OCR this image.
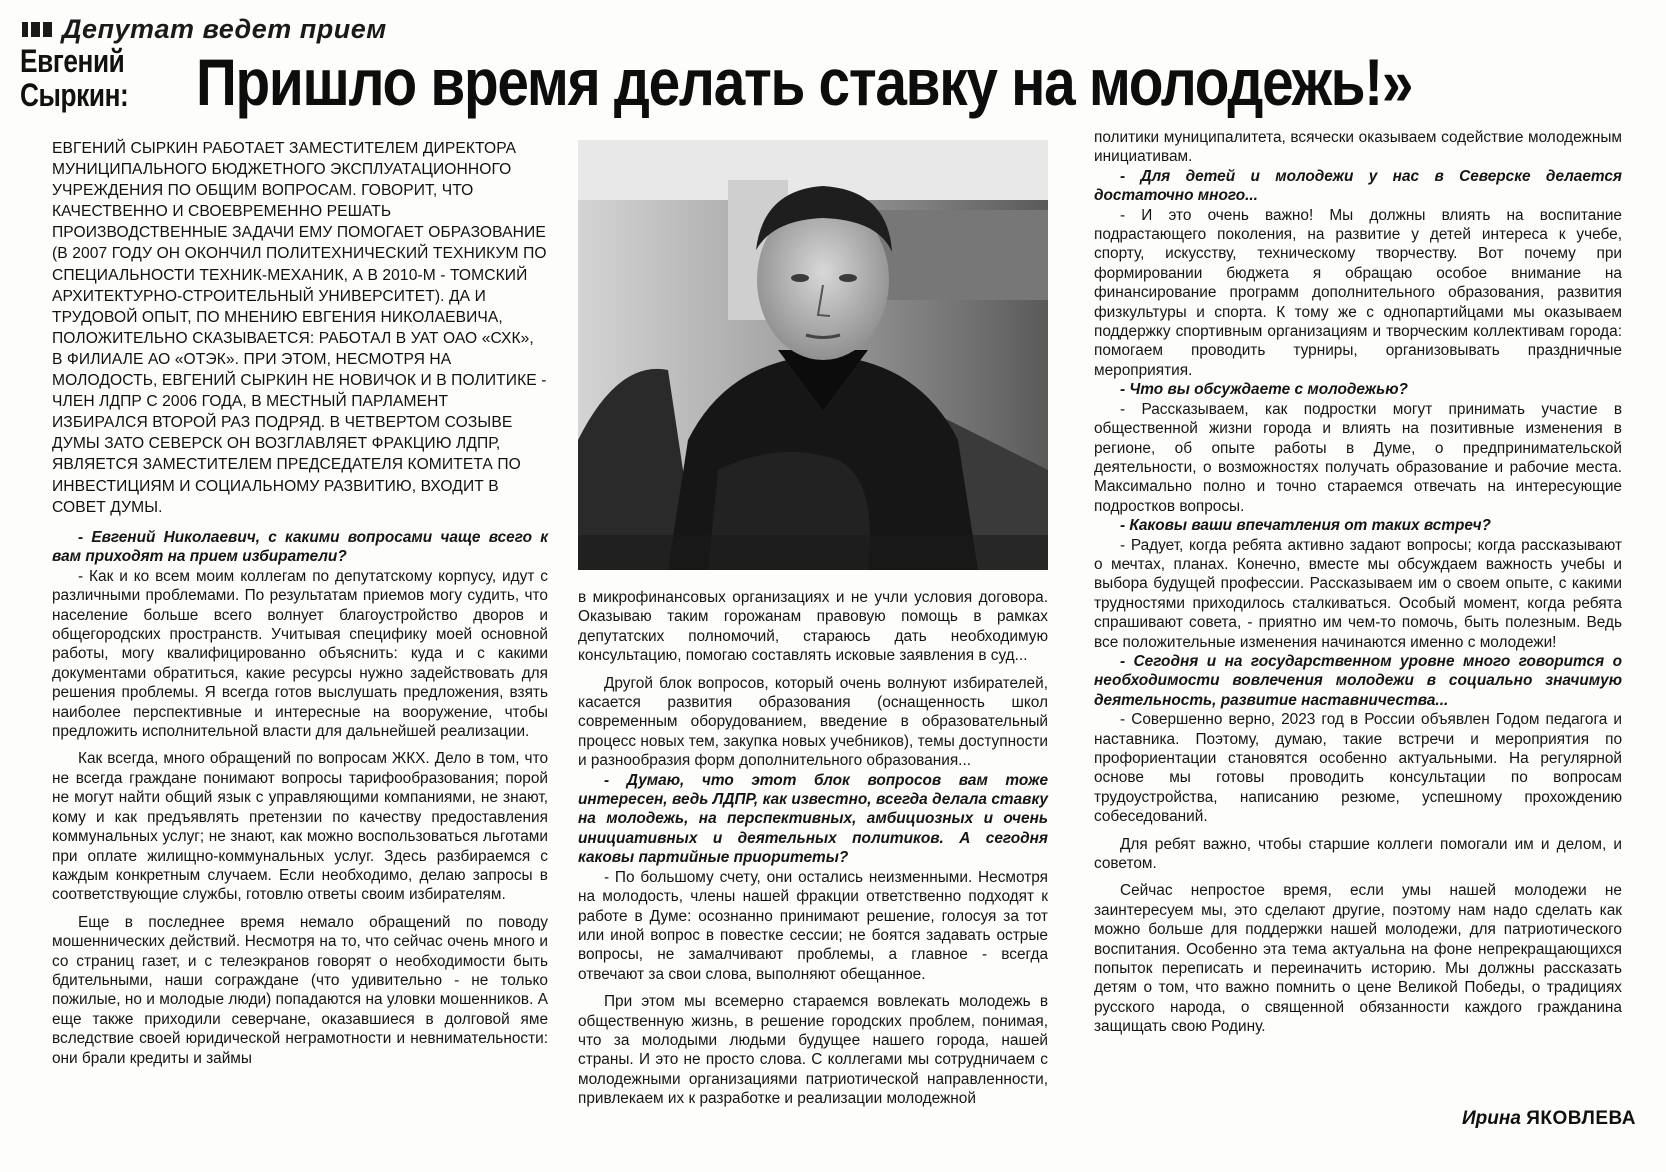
Депутат ведет прием
Евгений
Сыркин:	Пришло время делать ставку на молодежь!»
ЕВГЕНИЙ СЫРКИН РАБОТАЕТ ЗАМЕСТИТЕЛЕМ ДИРЕКТОРА МУНИЦИПАЛЬНОГО БЮДЖЕТНОГО ЭКСПЛУАТАЦИОННОГО УЧРЕЖДЕНИЯ ПО ОБЩИМ ВОПРОСАМ. ГОВОРИТ, ЧТО КАЧЕСТВЕННО И СВОЕВРЕМЕННО РЕШАТЬ ПРОИЗВОДСТВЕННЫЕ ЗАДАЧИ ЕМУ ПОМОГАЕТ ОБРАЗОВАНИЕ (В 2007 ГОДУ ОН ОКОНЧИЛ ПОЛИТЕХНИЧЕСКИЙ ТЕХНИКУМ ПО СПЕЦИАЛЬНОСТИ ТЕХНИК-МЕХАНИК, А В 2010-М - ТОМСКИЙ АРХИТЕКТУРНО-СТРОИТЕЛЬНЫЙ УНИВЕРСИТЕТ). ДА И ТРУДОВОЙ ОПЫТ, ПО МНЕНИЮ ЕВГЕНИЯ НИКОЛАЕВИЧА, ПОЛОЖИТЕЛЬНО СКАЗЫВАЕТСЯ: РАБОТАЛ В УАТ ОАО «СХК», В ФИЛИАЛЕ АО «ОТЭК». ПРИ ЭТОМ, НЕСМОТРЯ НА МОЛОДОСТЬ, ЕВГЕНИЙ СЫРКИН НЕ НОВИЧОК И В ПОЛИТИКЕ - ЧЛЕН ЛДПР С 2006 ГОДА, В МЕСТНЫЙ ПАРЛАМЕНТ ИЗБИРАЛСЯ ВТОРОЙ РАЗ ПОДРЯД. В ЧЕТВЕРТОМ СОЗЫВЕ ДУМЫ ЗАТО СЕВЕРСК ОН ВОЗГЛАВЛЯЕТ ФРАКЦИЮ ЛДПР, ЯВЛЯЕТСЯ ЗАМЕСТИТЕЛЕМ ПРЕДСЕДАТЕЛЯ КОМИТЕТА ПО ИНВЕСТИЦИЯМ И СОЦИАЛЬНОМУ РАЗВИТИЮ, ВХОДИТ В СОВЕТ ДУМЫ.

- Евгений Николаевич, с какими вопросами чаще всего к вам приходят на прием избиратели?

- Как и ко всем моим коллегам по депутатскому корпусу, идут с различными проблемами. По результатам приемов могу судить, что население больше всего волнует благоустройство дворов и общегородских пространств. Учитывая специфику моей основной работы, могу квалифицированно объяснить: куда и с какими документами обратиться, какие ресурсы нужно задействовать для решения проблемы. Я всегда готов выслушать предложения, взять наиболее перспективные и интересные на вооружение, чтобы предложить исполнительной власти для дальнейшей реализации.

Как всегда, много обращений по вопросам ЖКХ. Дело в том, что не всегда граждане понимают вопросы тарифообразования; порой не могут найти общий язык с управляющими компаниями, не знают, кому и как предъявлять претензии по качеству предоставления коммунальных услуг; не знают, как можно воспользоваться льготами при оплате жилищно-коммунальных услуг. Здесь разбираемся с каждым конкретным случаем. Если необходимо, делаю запросы в соответствующие службы, готовлю ответы своим избирателям.

Еще в последнее время немало обращений по поводу мошеннических действий. Несмотря на то, что сейчас очень много и со страниц газет, и с телеэкранов говорят о необходимости быть бдительными, наши сограждане (что удивительно - не только пожилые, но и молодые люди) попадаются на уловки мошенников. А еще также приходили северчане, оказавшиеся в долговой яме вследствие своей юридической неграмотности и невнимательности: они брали кредиты и займы

в микрофинансовых организациях и не учли условия договора. Оказываю таким горожанам правовую помощь в рамках депутатских полномочий, стараюсь дать необходимую консультацию, помогаю составлять исковые заявления в суд...

Другой блок вопросов, который очень волнуют избирателей, касается развития образования (оснащенность школ современным оборудованием, введение в образовательный процесс новых тем, закупка новых учебников), темы доступности и разнообразия форм дополнительного образования...

- Думаю, что этот блок вопросов вам тоже интересен, ведь ЛДПР, как известно, всегда делала ставку на молодежь, на перспективных, амбициозных и очень инициативных и деятельных политиков. А сегодня каковы партийные приоритеты?

- По большому счету, они остались неизменными. Несмотря на молодость, члены нашей фракции ответственно подходят к работе в Думе: осознанно принимают решение, голосуя за тот или иной вопрос в повестке сессии; не боятся задавать острые вопросы, не замалчивают проблемы, а главное - всегда отвечают за свои слова, выполняют обещанное.

При этом мы всемерно стараемся вовлекать молодежь в общественную жизнь, в решение городских проблем, понимая, что за молодыми людьми будущее нашего города, нашей страны. И это не просто слова. С коллегами мы сотрудничаем с молодежными организациями патриотической направленности, привлекаем их к разработке и реализации молодежной

политики муниципалитета, всячески оказываем содействие молодежным инициативам.

- Для детей и молодежи у нас в Северске делается достаточно много...

- И это очень важно! Мы должны влиять на воспитание подрастающего поколения, на развитие у детей интереса к учебе, спорту, искусству, техническому творчеству. Вот почему при формировании бюджета я обращаю особое внимание на финансирование программ дополнительного образования, развития физкультуры и спорта. К тому же с однопартийцами мы оказываем поддержку спортивным организациям и творческим коллективам города: помогаем проводить турниры, организовывать праздничные мероприятия.

- Что вы обсуждаете с молодежью?

- Рассказываем, как подростки могут принимать участие в общественной жизни города и влиять на позитивные изменения в регионе, об опыте работы в Думе, о предпринимательской деятельности, о возможностях получать образование и рабочие места. Максимально полно и точно стараемся отвечать на интересующие подростков вопросы.

- Каковы ваши впечатления от таких встреч?

- Радует, когда ребята активно задают вопросы; когда рассказывают о мечтах, планах. Конечно, вместе мы обсуждаем важность учебы и выбора будущей профессии. Рассказываем им о своем опыте, с какими трудностями приходилось сталкиваться. Особый момент, когда ребята спрашивают совета, - приятно им чем-то помочь, быть полезным. Ведь все положительные изменения начинаются именно с молодежи!

- Сегодня и на государственном уровне много говорится о необходимости вовлечения молодежи в социально значимую деятельность, развитие наставничества...

- Совершенно верно, 2023 год в России объявлен Годом педагога и наставника. Поэтому, думаю, такие встречи и мероприятия по профориентации становятся особенно актуальными. На регулярной основе мы готовы проводить консультации по вопросам трудоустройства, написанию резюме, успешному прохождению собеседований.

Для ребят важно, чтобы старшие коллеги помогали им и делом, и советом.

Сейчас непростое время, если умы нашей молодежи не заинтересуем мы, это сделают другие, поэтому нам надо сделать как можно больше для поддержки нашей молодежи, для патриотического воспитания. Особенно эта тема актуальна на фоне непрекращающихся попыток переписать и переиначить историю. Мы должны рассказать детям о том, что важно помнить о цене Великой Победы, о традициях русского народа, о священной обязанности каждого гражданина защищать свою Родину.

Ирина ЯКОВЛЕВА
